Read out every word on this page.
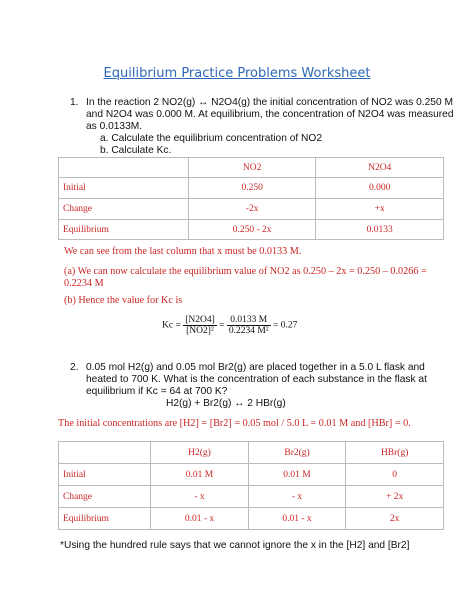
Equilibrium Practice Problems Worksheet
1. In the reaction 2 NO2(g) ↔ N2O4(g) the initial concentration of NO2 was 0.250 M
and N2O4 was 0.000 M. At equilibrium, the concentration of N2O4 was measured
as 0.0133M.
a. Calculate the equilibrium concentration of NO2
b. Calculate Kc.
	NO2	N2O4
Initial	0.250	0.000
Change	-2x	+x
Equilibrium	0.250 - 2x	0.0133
We can see from the last column that x must be 0.0133 M.
(a) We can now calculate the equilibrium value of NO2 as 0.250 – 2x = 0.250 – 0.0266 =
0.2234 M
(b) Hence the value for Kc is
$Kc = \frac{[N2O4]}{\text{[NO2]²}} = \frac{0.0133 M}{\text{0.2234 M²}} = 0.27$
2. 0.05 mol H2(g) and 0.05 mol Br2(g) are placed together in a 5.0 L flask and
heated to 700 K. What is the concentration of each substance in the flask at
equilibrium if Kc = 64 at 700 K?
H2(g) + Br2(g) ↔ 2 HBr(g)
The initial concentrations are [H2] = [Br2] = 0.05 mol / 5.0 L = 0.01 M and [HBr] = 0.
	H2(g)	Br2(g)	HBr(g)
Initial	0.01 M	0.01 M	0
Change	- x	- x	+ 2x
Equilibrium	0.01 - x	0.01 - x	2x
*Using the hundred rule says that we cannot ignore the x in the [H2] and [Br2]
